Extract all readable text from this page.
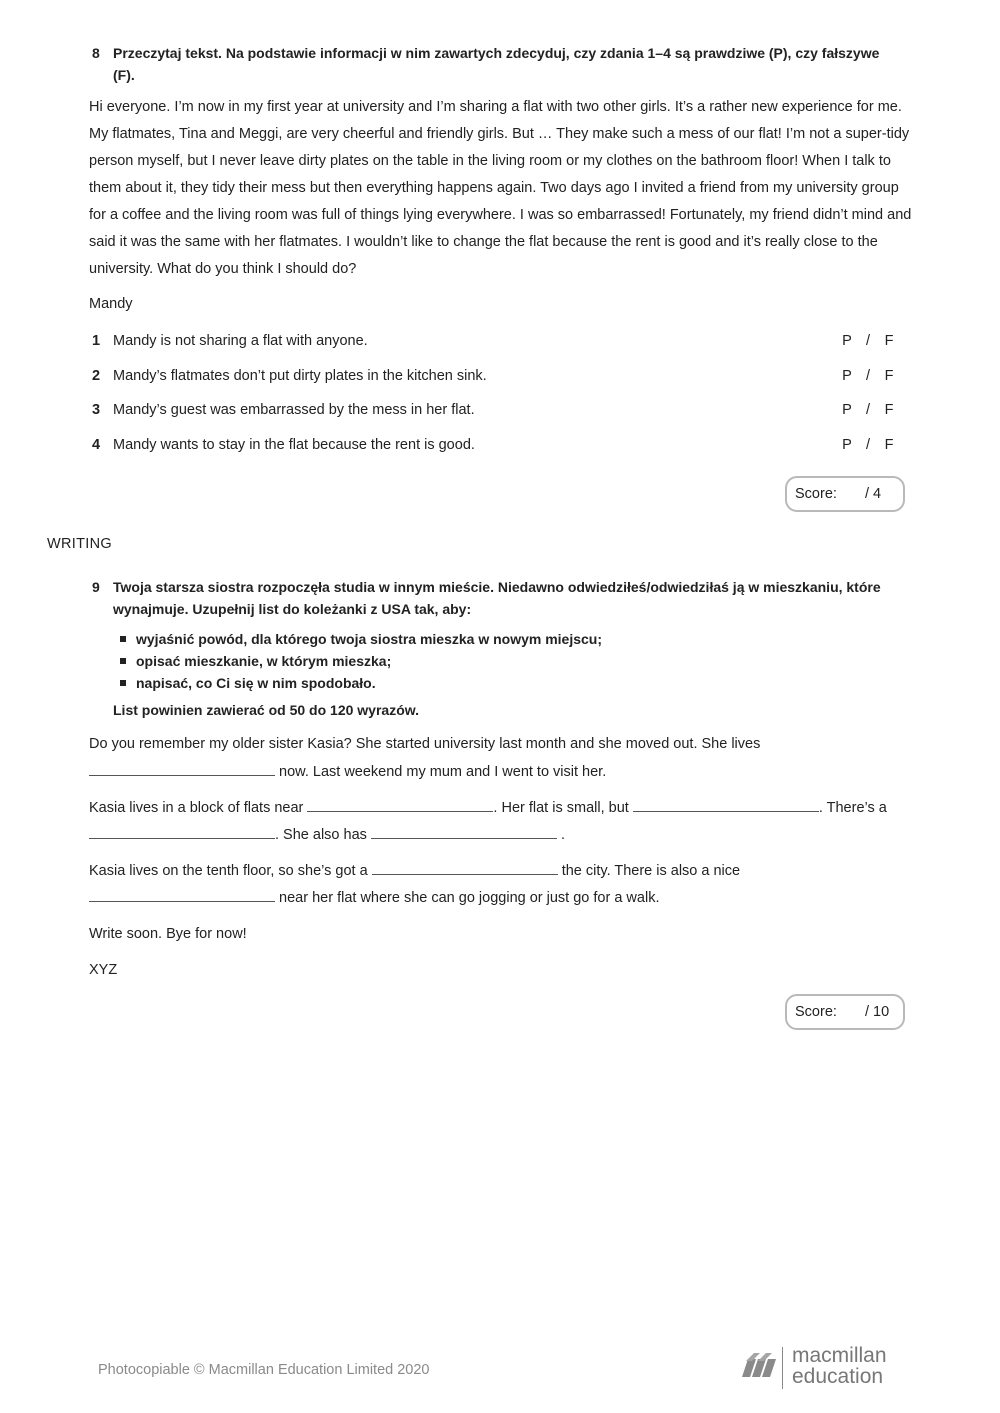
8 Przeczytaj tekst. Na podstawie informacji w nim zawartych zdecyduj, czy zdania 1–4 są prawdziwe (P), czy fałszywe (F).

Hi everyone. I’m now in my first year at university and I’m sharing a flat with two other girls. It’s a rather new experience for me. My flatmates, Tina and Meggi, are very cheerful and friendly girls. But … They make such a mess of our flat! I’m not a super-tidy person myself, but I never leave dirty plates on the table in the living room or my clothes on the bathroom floor! When I talk to them about it, they tidy their mess but then everything happens again. Two days ago I invited a friend from my university group for a coffee and the living room was full of things lying everywhere. I was so embarrassed! Fortunately, my friend didn’t mind and said it was the same with her flatmates. I wouldn’t like to change the flat because the rent is good and it’s really close to the university. What do you think I should do?

Mandy
1 Mandy is not sharing a flat with anyone.	P / F
2 Mandy’s flatmates don’t put dirty plates in the kitchen sink.	P / F
3 Mandy’s guest was embarrassed by the mess in her flat.	P / F
4 Mandy wants to stay in the flat because the rent is good.	P / F
Score: / 4
WRITING
9 Twoja starsza siostra rozpoczęła studia w innym mieście. Niedawno odwiedziłeś/odwiedziłaś ją w mieszkaniu, które wynajmuje. Uzupełnij list do koleżanki z USA tak, aby:
wyjaśnić powód, dla którego twoja siostra mieszka w nowym miejscu;
opisać mieszkanie, w którym mieszka;
napisać, co Ci się w nim spodobało.
List powinien zawierać od 50 do 120 wyrazów.
Do you remember my older sister Kasia? She started university last month and she moved out. She lives
now. Last weekend my mum and I went to visit her.
Kasia lives in a block of flats near	. Her flat is small, but	. There’s a
. She also has	.
Kasia lives on the tenth floor, so she’s got a	the city. There is also a nice
near her flat where she can go jogging or just go for a walk.
Write soon. Bye for now!
XYZ
Score: / 10
Photocopiable © Macmillan Education Limited 2020
macmillan
education
